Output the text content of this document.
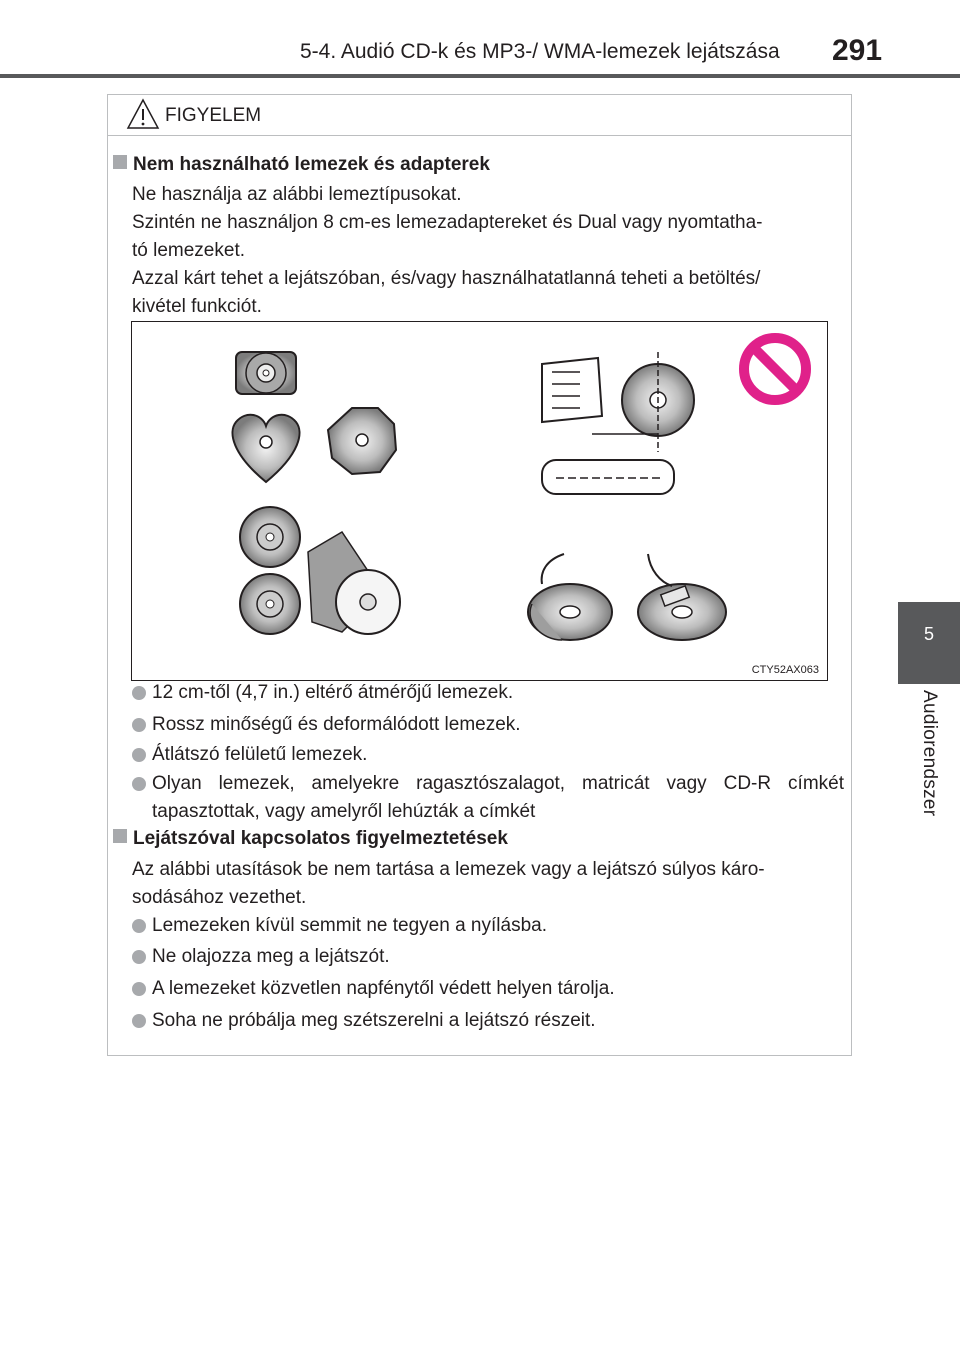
5-4. Audió CD-k és MP3-/ WMA-lemezek lejátszása 291
5
Audiorendszer
FIGYELEM
Nem használható lemezek és adapterek
Ne használja az alábbi lemeztípusokat.
Szintén ne használjon 8 cm-es lemezadaptereket és Dual vagy nyomtatha-
tó lemezeket.
Azzal kárt tehet a lejátszóban, és/vagy használhatatlanná teheti a betöltés/
kivétel funkciót.
CTY52AX063
12 cm-től (4,7 in.) eltérő átmérőjű lemezek.
Rossz minőségű és deformálódott lemezek.
Átlátszó felületű lemezek.
Olyan lemezek, amelyekre ragasztószalagot, matricát vagy CD-R címkét tapasztottak, vagy amelyről lehúzták a címkét
Lejátszóval kapcsolatos figyelmeztetések
Az alábbi utasítások be nem tartása a lemezek vagy a lejátszó súlyos káro-
sodásához vezethet.
Lemezeken kívül semmit ne tegyen a nyílásba.
Ne olajozza meg a lejátszót.
A lemezeket közvetlen napfénytől védett helyen tárolja.
Soha ne próbálja meg szétszerelni a lejátszó részeit.
